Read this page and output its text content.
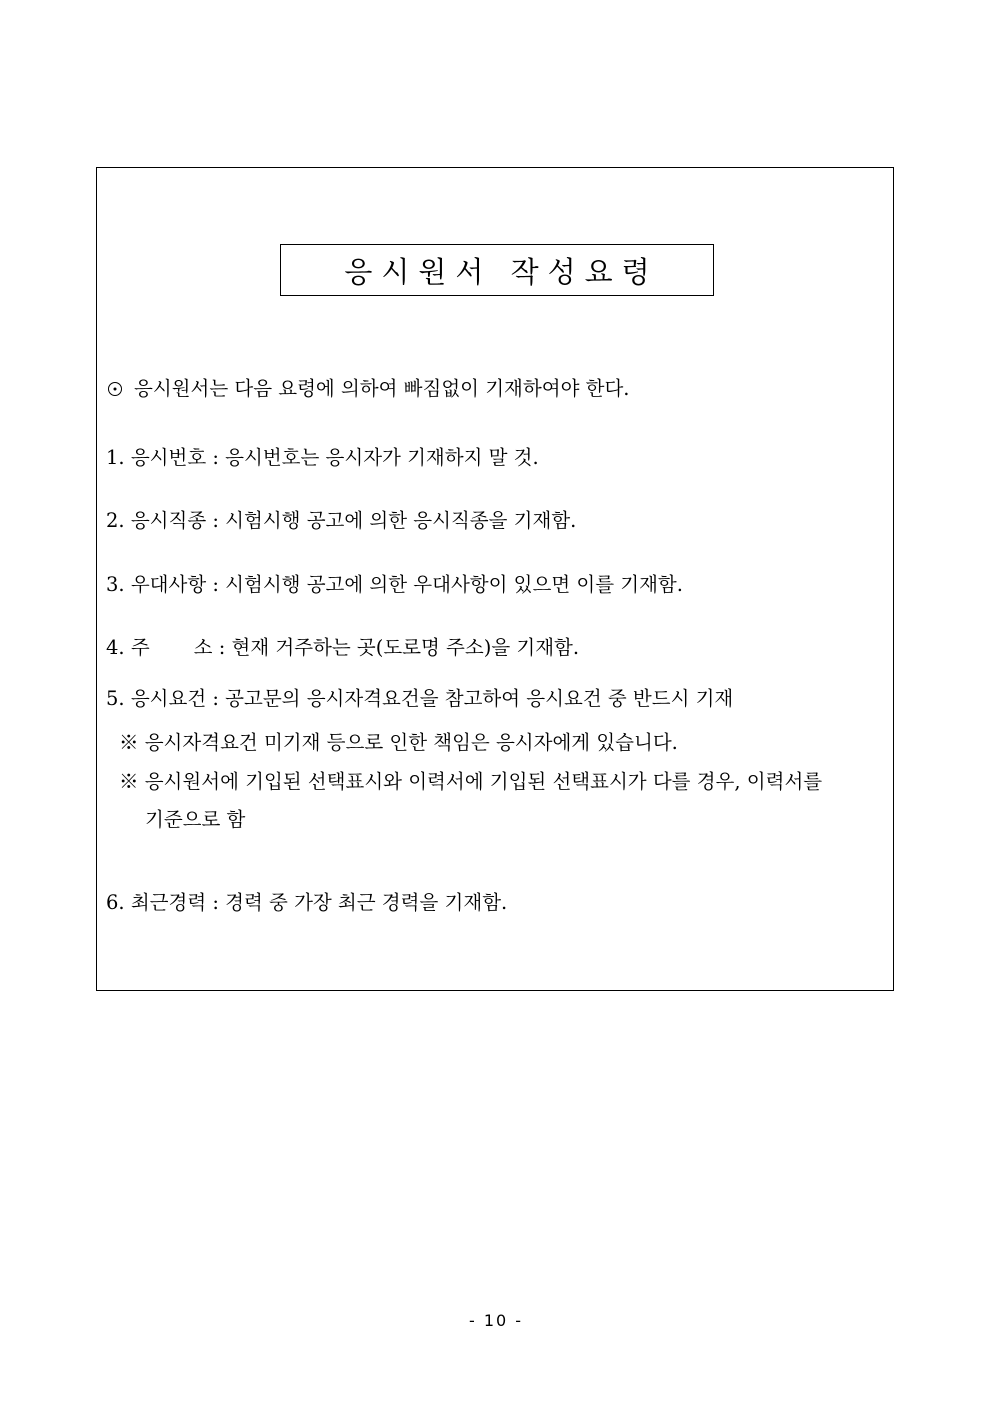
응시원서 작성요령
응시원서는 다음 요령에 의하여 빠짐없이 기재하여야 한다.
1. 응시번호 : 응시번호는 응시자가 기재하지 말 것.
2. 응시직종 : 시험시행 공고에 의한 응시직종을 기재함.
3. 우대사항 : 시험시행 공고에 의한 우대사항이 있으면 이를 기재함.
4. 주 소 : 현재 거주하는 곳(도로명 주소)을 기재함.
5. 응시요건 : 공고문의 응시자격요건을 참고하여 응시요건 중 반드시 기재
※ 응시자격요건 미기재 등으로 인한 책임은 응시자에게 있습니다.
※ 응시원서에 기입된 선택표시와 이력서에 기입된 선택표시가 다를 경우, 이력서를
기준으로 함
6. 최근경력 : 경력 중 가장 최근 경력을 기재함.
- 10 -
